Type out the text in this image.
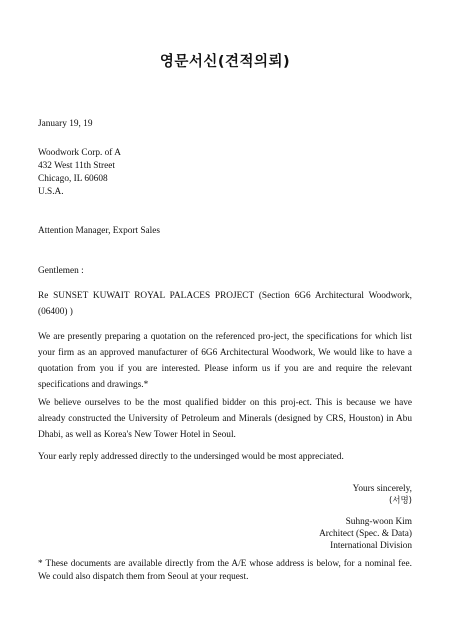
영문서신(견적의뢰)
January 19, 19
Woodwork Corp. of A
432 West 11th Street
Chicago, IL 60608
U.S.A.
Attention Manager, Export Sales
Gentlemen :
Re SUNSET KUWAIT ROYAL PALACES PROJECT (Section 6G6 Architectural Woodwork, (06400) )
We are presently preparing a quotation on the referenced pro-ject, the specifications for which list your firm as an approved manufacturer of 6G6 Architectural Woodwork, We would like to have a quotation from you if you are interested. Please inform us if you are and require the relevant specifications and drawings.*
We believe ourselves to be the most qualified bidder on this proj-ect. This is because we have already constructed the University of Petroleum and Minerals (designed by CRS, Houston) in Abu Dhabi, as well as Korea's New Tower Hotel in Seoul.
Your early reply addressed directly to the undersinged would be most appreciated.
Yours sincerely,
(서명)
Suhng-woon Kim
Architect (Spec. & Data)
International Division
* These documents are available directly from the A/E whose address is below, for a nominal fee. We could also dispatch them from Seoul at your request.
